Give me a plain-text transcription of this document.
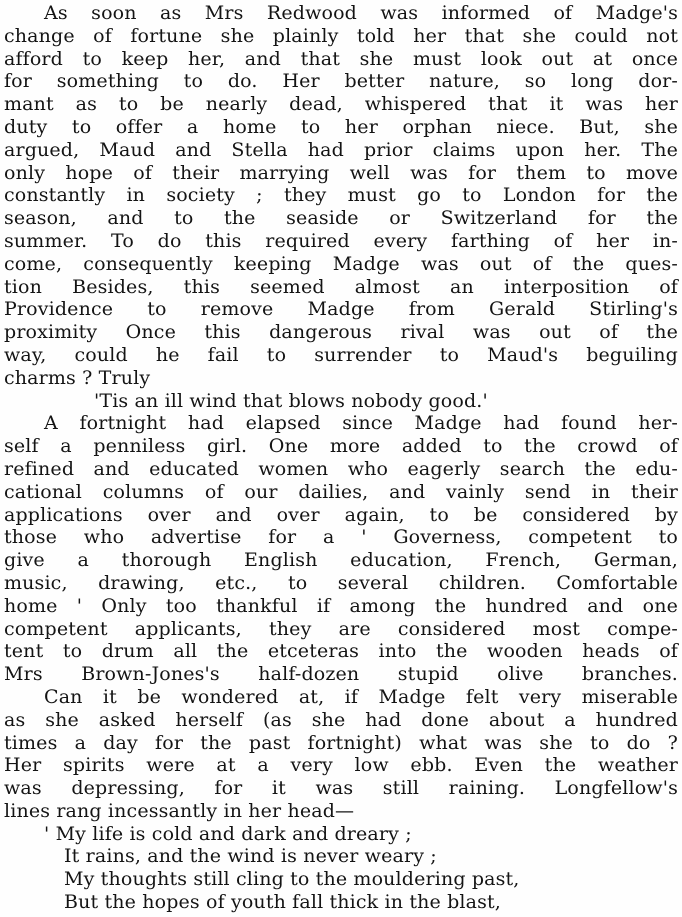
As soon as Mrs Redwood was informed of Madge's
change of fortune she plainly told her that she could not
afford to keep her, and that she must look out at once
for something to do. Her better nature, so long dor-
mant as to be nearly dead, whispered that it was her
duty to offer a home to her orphan niece. But, she
argued, Maud and Stella had prior claims upon her. The
only hope of their marrying well was for them to move
constantly in society ; they must go to London for the
season, and to the seaside or Switzerland for the
summer. To do this required every farthing of her in-
come, consequently keeping Madge was out of the ques-
tion Besides, this seemed almost an interposition of
Providence to remove Madge from Gerald Stirling's
proximity Once this dangerous rival was out of the
way, could he fail to surrender to Maud's beguiling
charms ? Truly
'Tis an ill wind that blows nobody good.'
A fortnight had elapsed since Madge had found her-
self a penniless girl. One more added to the crowd of
refined and educated women who eagerly search the edu-
cational columns of our dailies, and vainly send in their
applications over and over again, to be considered by
those who advertise for a ' Governess, competent to
give a thorough English education, French, German,
music, drawing, etc., to several children. Comfortable
home ' Only too thankful if among the hundred and one
competent applicants, they are considered most compe-
tent to drum all the etceteras into the wooden heads of
Mrs Brown-Jones's half-dozen stupid olive branches.
Can it be wondered at, if Madge felt very miserable
as she asked herself (as she had done about a hundred
times a day for the past fortnight) what was she to do ?
Her spirits were at a very low ebb. Even the weather
was depressing, for it was still raining. Longfellow's
lines rang incessantly in her head—
' My life is cold and dark and dreary ;
It rains, and the wind is never weary ;
My thoughts still cling to the mouldering past,
But the hopes of youth fall thick in the blast,
